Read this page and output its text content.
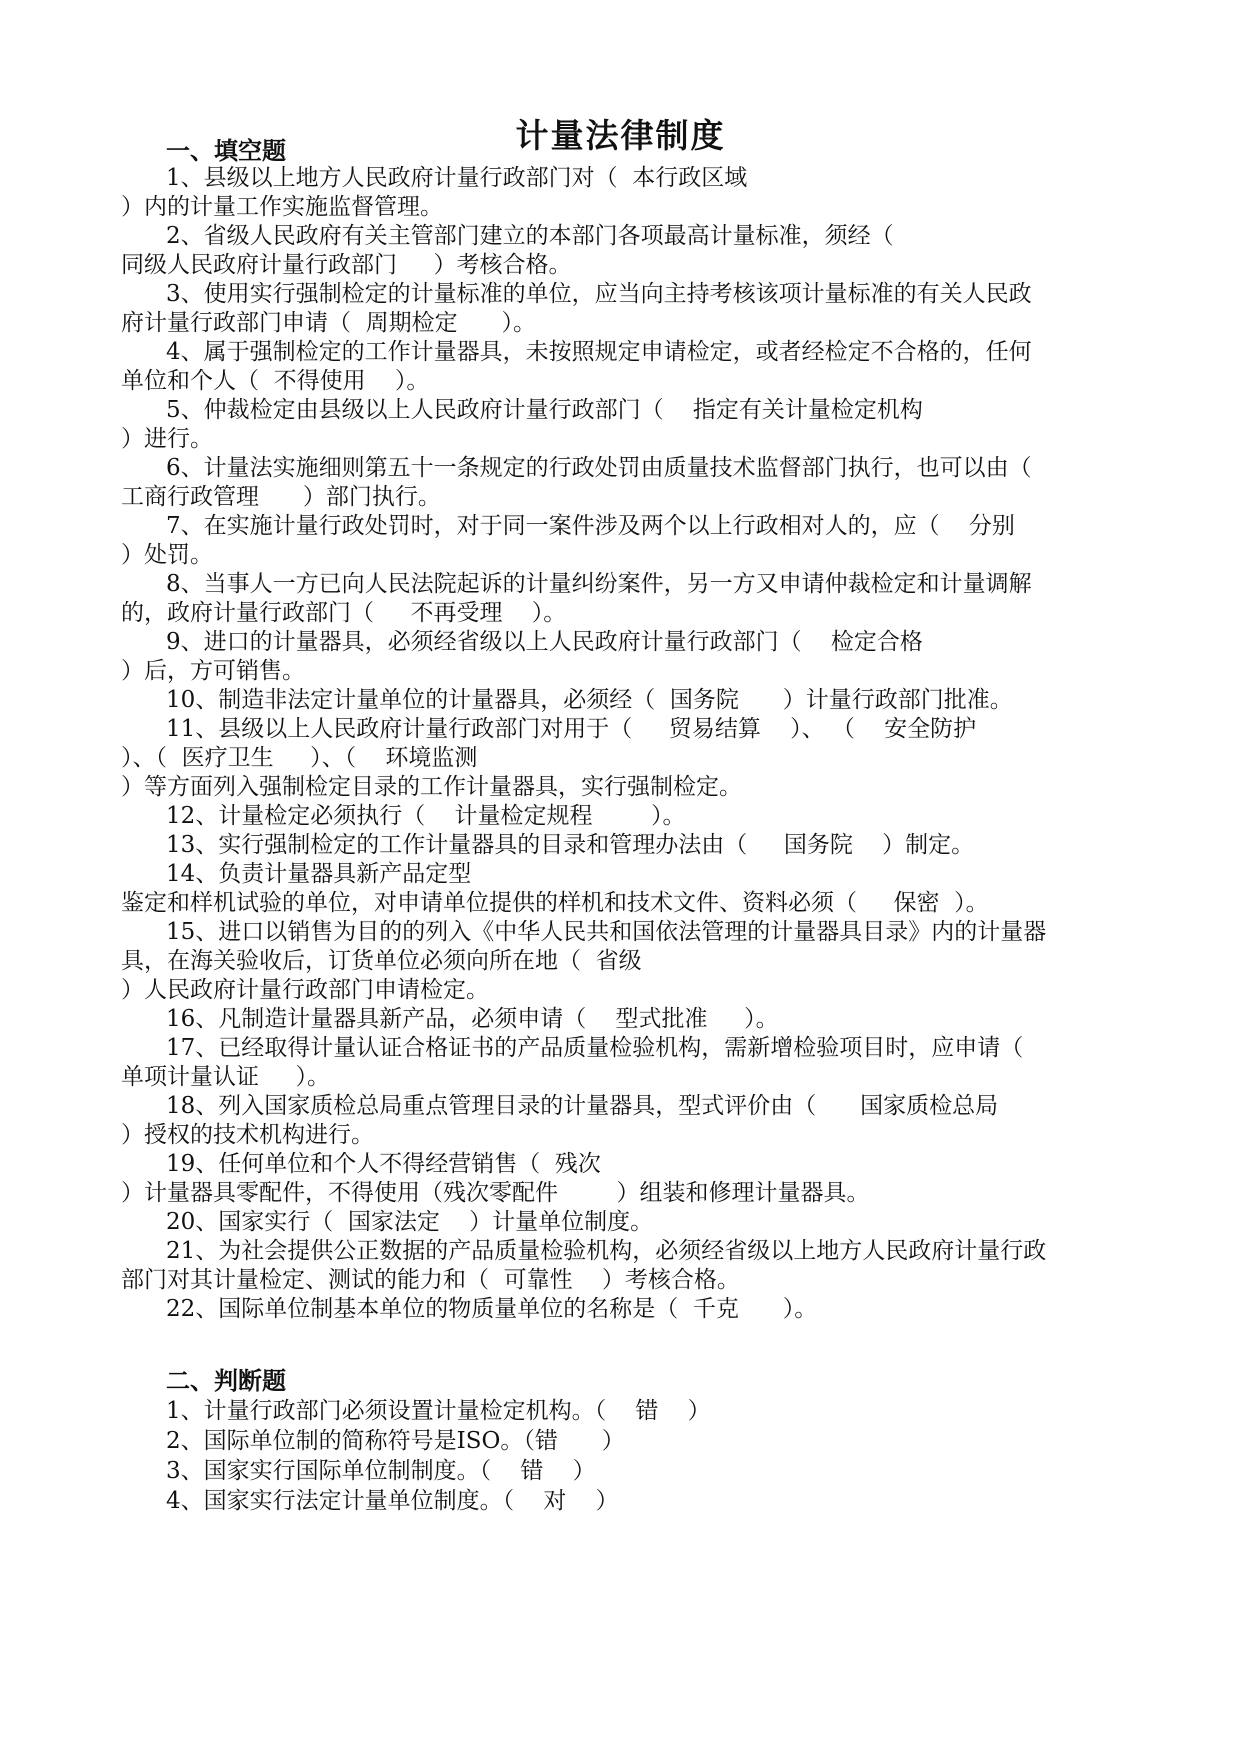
计量法律制度
一、填空题
1、县级以上地方人民政府计量行政部门对（  本行政区域
）内的计量工作实施监督管理。
2、省级人民政府有关主管部门建立的本部门各项最高计量标准，须经（
同级人民政府计量行政部门     ）考核合格。
3、使用实行强制检定的计量标准的单位，应当向主持考核该项计量标准的有关人民政
府计量行政部门申请（  周期检定      ）。
4、属于强制检定的工作计量器具，未按照规定申请检定，或者经检定不合格的，任何
单位和个人（  不得使用    ）。
5、仲裁检定由县级以上人民政府计量行政部门（    指定有关计量检定机构
）进行。
6、计量法实施细则第五十一条规定的行政处罚由质量技术监督部门执行，也可以由（
工商行政管理      ）部门执行。
7、在实施计量行政处罚时，对于同一案件涉及两个以上行政相对人的，应（    分别
）处罚。
8、当事人一方已向人民法院起诉的计量纠纷案件，另一方又申请仲裁检定和计量调解
的，政府计量行政部门（     不再受理    ）。
9、进口的计量器具，必须经省级以上人民政府计量行政部门（    检定合格
）后，方可销售。
10、制造非法定计量单位的计量器具，必须经（  国务院      ）计量行政部门批准。
11、县级以上人民政府计量行政部门对用于（     贸易结算    ）、 （    安全防护
）、（  医疗卫生     ）、（    环境监测
）等方面列入强制检定目录的工作计量器具，实行强制检定。
12、计量检定必须执行（    计量检定规程        ）。
13、实行强制检定的工作计量器具的目录和管理办法由（     国务院    ）制定。
14、负责计量器具新产品定型
鉴定和样机试验的单位，对申请单位提供的样机和技术文件、资料必须（     保密  ）。
15、进口以销售为目的的列入《中华人民共和国依法管理的计量器具目录》内的计量器
具，在海关验收后，订货单位必须向所在地（  省级
）人民政府计量行政部门申请检定。
16、凡制造计量器具新产品，必须申请（    型式批准     ）。
17、已经取得计量认证合格证书的产品质量检验机构，需新增检验项目时，应申请（
单项计量认证     ）。
18、列入国家质检总局重点管理目录的计量器具，型式评价由（      国家质检总局
）授权的技术机构进行。
19、任何单位和个人不得经营销售（  残次
）计量器具零配件，不得使用（残次零配件        ）组装和修理计量器具。
20、国家实行（  国家法定    ）计量单位制度。
21、为社会提供公正数据的产品质量检验机构，必须经省级以上地方人民政府计量行政
部门对其计量检定、测试的能力和（  可靠性    ）考核合格。
22、国际单位制基本单位的物质量单位的名称是（  千克      ）。
二、判断题
1、计量行政部门必须设置计量检定机构。（    错    ）
2、国际单位制的简称符号是ISO。（错      ）
3、国家实行国际单位制制度。（    错    ）
4、国家实行法定计量单位制度。（    对    ）
